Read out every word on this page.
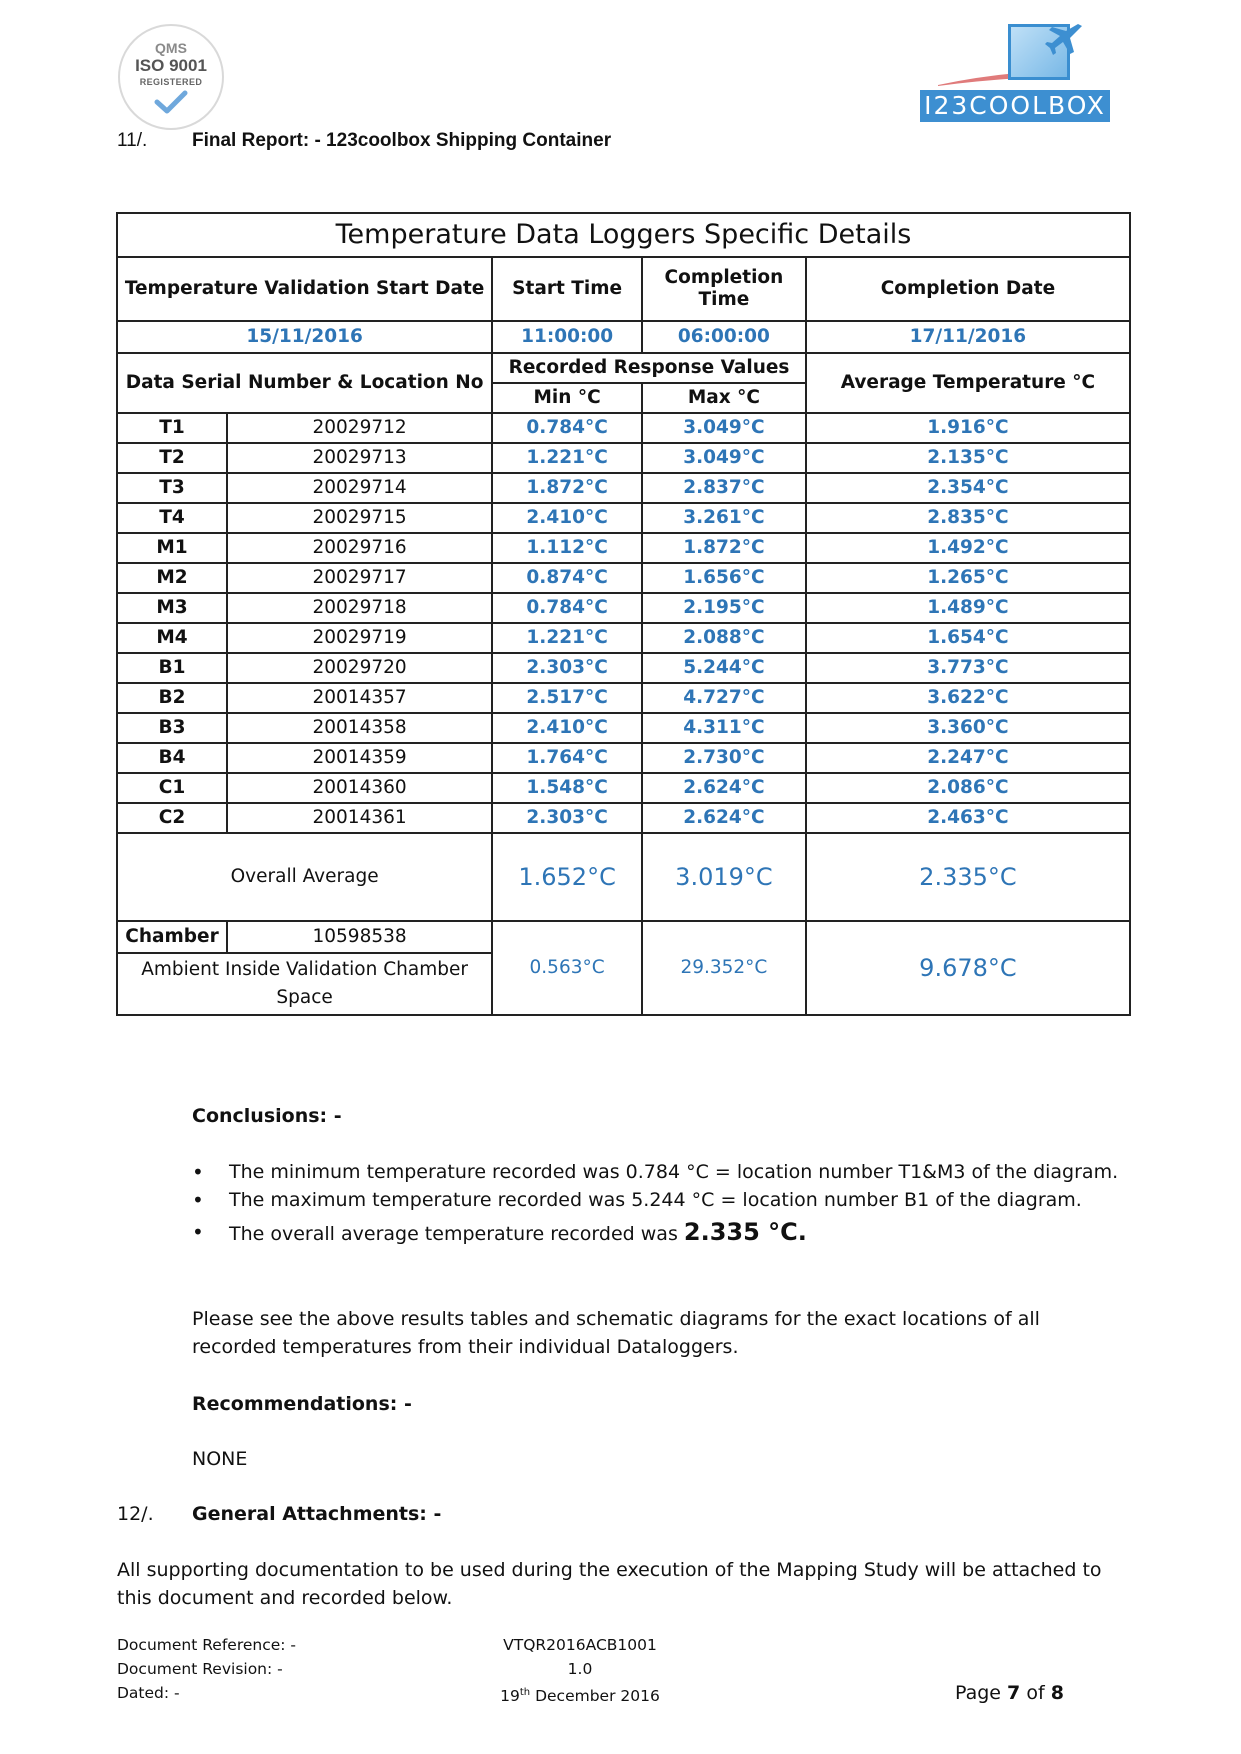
QMS
ISO 9001
REGISTERED
I23COOLBOX
11/. Final Report: - 123coolbox Shipping Container
Temperature Data Loggers Specific Details				
Temperature Validation Start Date		Start Time	Completion Time	Completion Date
15/11/2016		11:00:00	06:00:00	17/11/2016
Data Serial Number & Location No		Recorded Response Values		Average Temperature °C
		Min °C	Max °C	
T1	20029712	0.784°C	3.049°C	1.916°C
T2	20029713	1.221°C	3.049°C	2.135°C
T3	20029714	1.872°C	2.837°C	2.354°C
T4	20029715	2.410°C	3.261°C	2.835°C
M1	20029716	1.112°C	1.872°C	1.492°C
M2	20029717	0.874°C	1.656°C	1.265°C
M3	20029718	0.784°C	2.195°C	1.489°C
M4	20029719	1.221°C	2.088°C	1.654°C
B1	20029720	2.303°C	5.244°C	3.773°C
B2	20014357	2.517°C	4.727°C	3.622°C
B3	20014358	2.410°C	4.311°C	3.360°C
B4	20014359	1.764°C	2.730°C	2.247°C
C1	20014360	1.548°C	2.624°C	2.086°C
C2	20014361	2.303°C	2.624°C	2.463°C
Overall Average		1.652°C	3.019°C	2.335°C
Chamber	10598538	0.563°C	29.352°C	9.678°C
Ambient Inside Validation Chamber Space				
Conclusions: -
• The minimum temperature recorded was 0.784 °C = location number T1&M3 of the diagram.
• The maximum temperature recorded was 5.244 °C = location number B1 of the diagram.
• The overall average temperature recorded was 2.335 °C.
Please see the above results tables and schematic diagrams for the exact locations of all recorded temperatures from their individual Dataloggers.
Recommendations: -
NONE
12/. General Attachments: -
All supporting documentation to be used during the execution of the Mapping Study will be attached to this document and recorded below.
Document Reference: -
Document Revision: -
Dated: -
VTQR2016ACB1001
1.0
19th December 2016	Page 7 of 8
